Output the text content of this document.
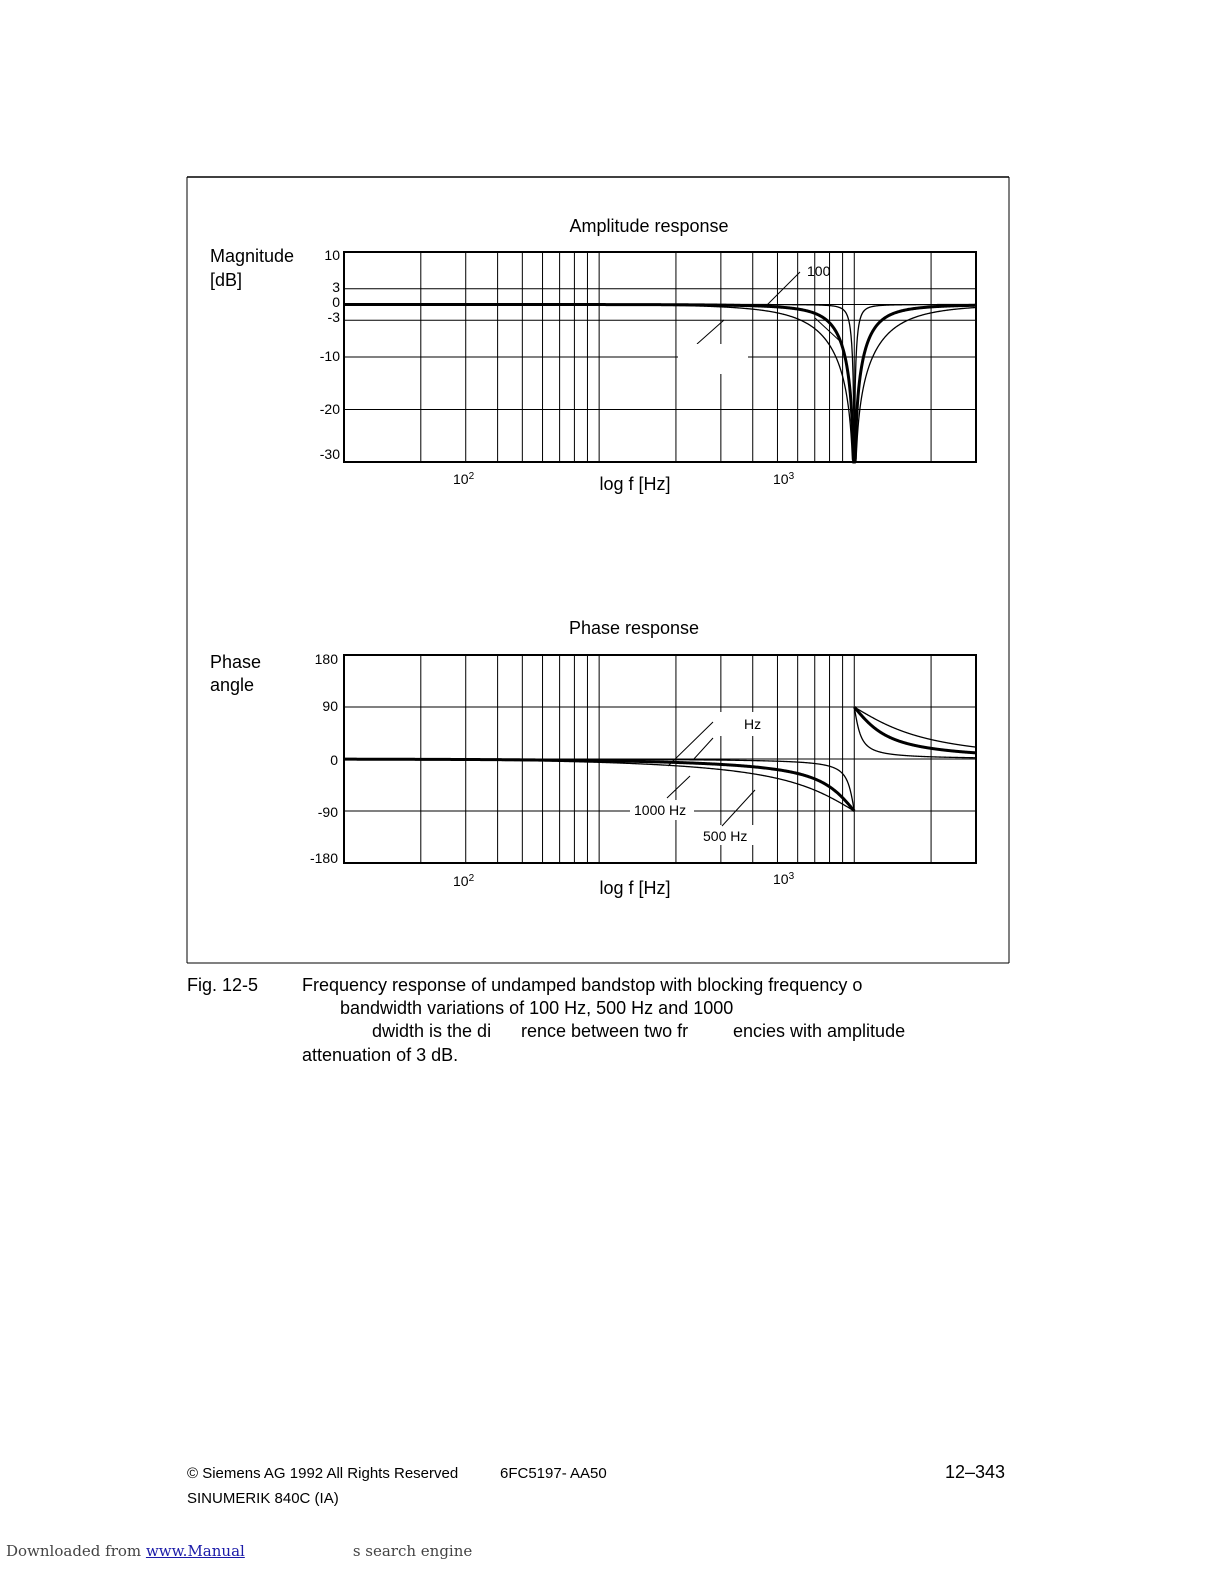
Amplitude response
Magnitude
[dB]
10
3
0
-3
-10
-20
-30
$10^2$	$10^3$
log f [Hz]
100
Phase response
Phase
angle
180
90
0
-90
-180
$10^2$	$10^3$
log f [Hz]
Hz
1000 Hz
500 Hz
Fig. 12-5 Frequency response of undamped bandstop with blocking frequency o
bandwidth variations of 100 Hz, 500 Hz and 1000
dwidth is the di rence between two fr encies with amplitude
attenuation of 3 dB.
© Siemens AG 1992 All Rights Reserved	6FC5197- AA50	12–343
SINUMERIK 840C (IA)
Downloaded from www.Manual	s search engine
